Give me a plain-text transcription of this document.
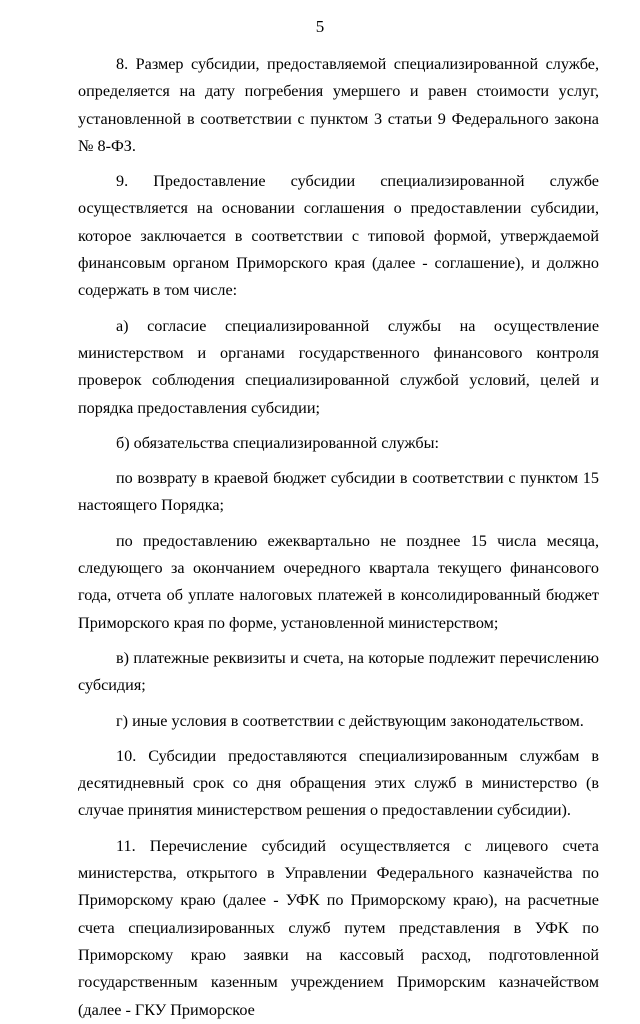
5

8. Размер субсидии, предоставляемой специализированной службе, определяется на дату погребения умершего и равен стоимости услуг, установленной в соответствии с пунктом 3 статьи 9 Федерального закона № 8-ФЗ.

9. Предоставление субсидии специализированной службе осуществляется на основании соглашения о предоставлении субсидии, которое заключается в соответствии с типовой формой, утверждаемой финансовым органом Приморского края (далее - соглашение), и должно содержать в том числе:

а) согласие специализированной службы на осуществление министерством и органами государственного финансового контроля проверок соблюдения специализированной службой условий, целей и порядка предоставления субсидии;

б) обязательства специализированной службы:

по возврату в краевой бюджет субсидии в соответствии с пунктом 15 настоящего Порядка;

по предоставлению ежеквартально не позднее 15 числа месяца, следующего за окончанием очередного квартала текущего финансового года, отчета об уплате налоговых платежей в консолидированный бюджет Приморского края по форме, установленной министерством;

в) платежные реквизиты и счета, на которые подлежит перечислению субсидия;

г) иные условия в соответствии с действующим законодательством.

10. Субсидии предоставляются специализированным службам в десятидневный срок со дня обращения этих служб в министерство (в случае принятия министерством решения о предоставлении субсидии).

11. Перечисление субсидий осуществляется с лицевого счета министерства, открытого в Управлении Федерального казначейства по Приморскому краю (далее - УФК по Приморскому краю), на расчетные счета специализированных служб путем представления в УФК по Приморскому краю заявки на кассовый расход, подготовленной государственным казенным учреждением Приморским казначейством (далее - ГКУ Приморское
